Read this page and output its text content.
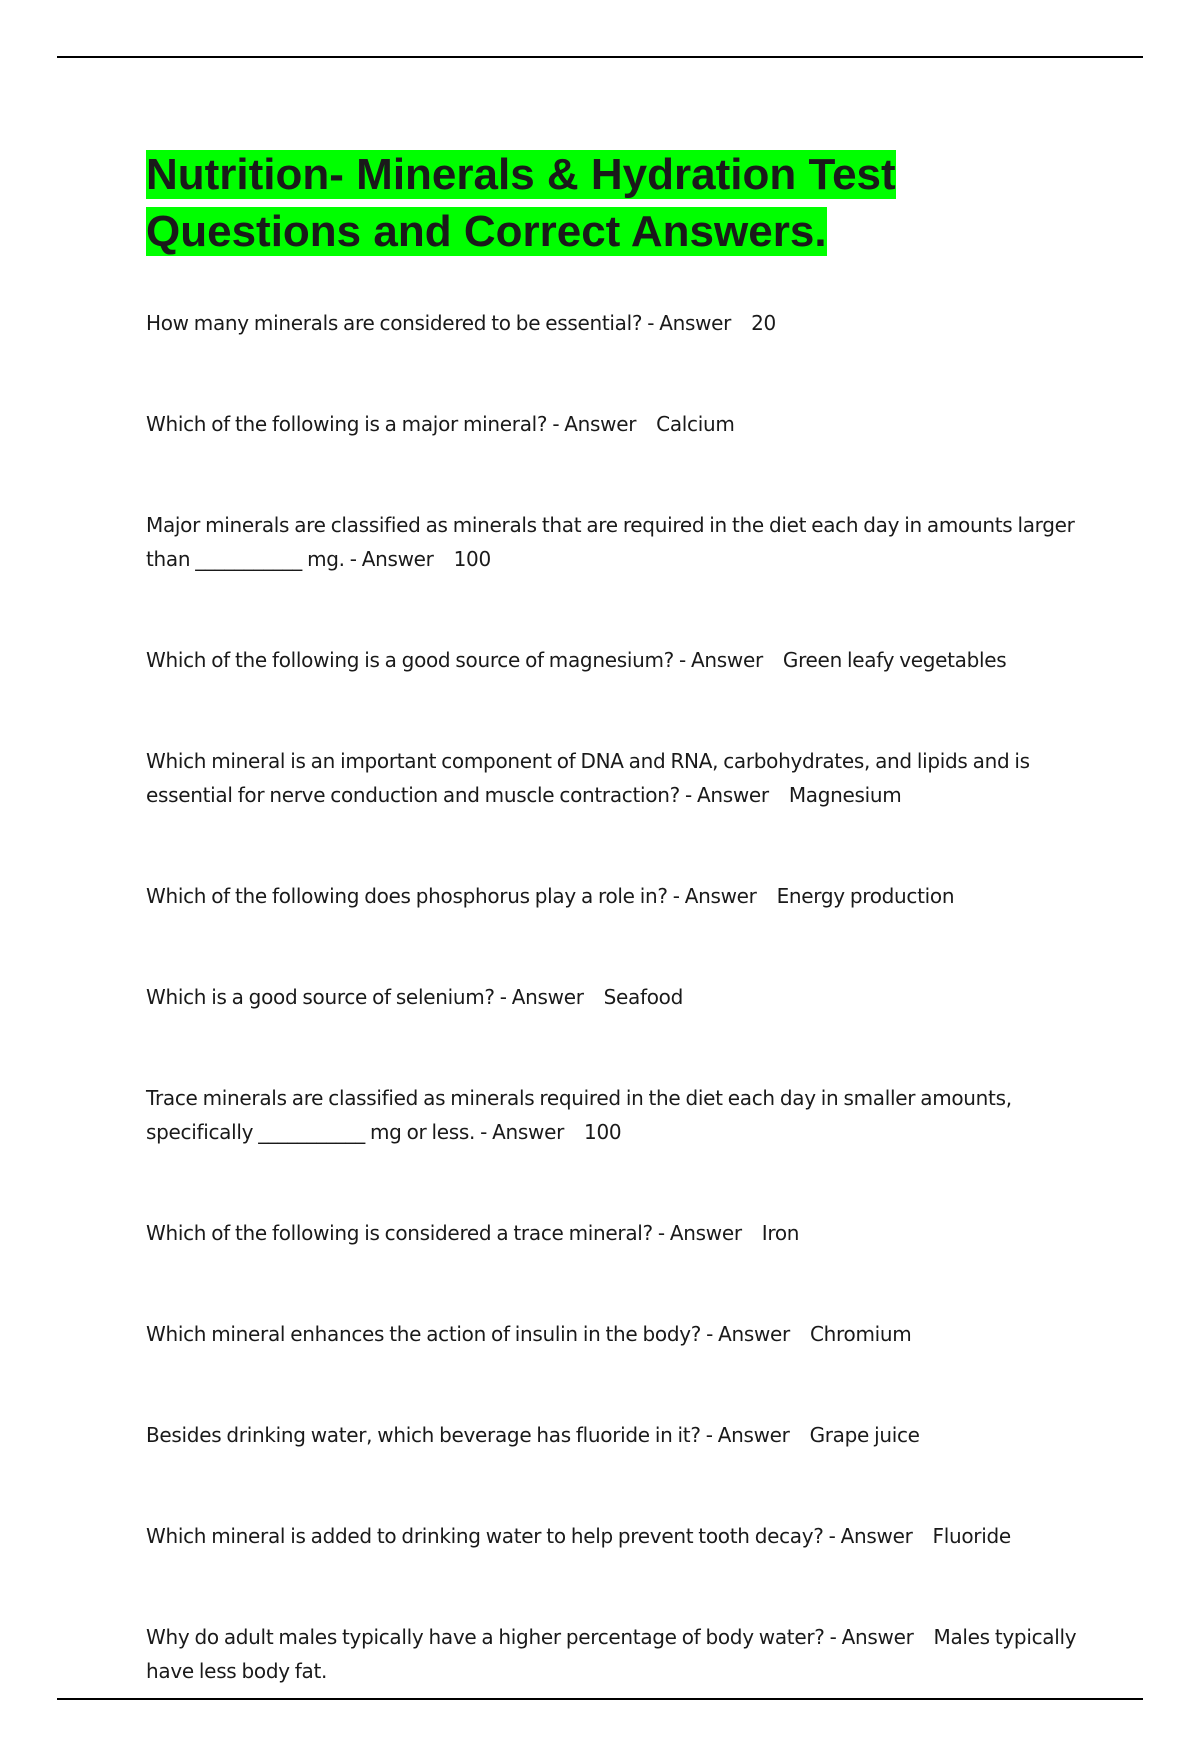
Nutrition- Minerals & Hydration Test Questions and Correct Answers.

How many minerals are considered to be essential? - Answer 20

Which of the following is a major mineral? - Answer Calcium

Major minerals are classified as minerals that are required in the diet each day in amounts larger than ___________ mg. - Answer 100

Which of the following is a good source of magnesium? - Answer Green leafy vegetables

Which mineral is an important component of DNA and RNA, carbohydrates, and lipids and is essential for nerve conduction and muscle contraction? - Answer Magnesium

Which of the following does phosphorus play a role in? - Answer Energy production

Which is a good source of selenium? - Answer Seafood

Trace minerals are classified as minerals required in the diet each day in smaller amounts, specifically ___________ mg or less. - Answer 100

Which of the following is considered a trace mineral? - Answer Iron

Which mineral enhances the action of insulin in the body? - Answer Chromium

Besides drinking water, which beverage has fluoride in it? - Answer Grape juice

Which mineral is added to drinking water to help prevent tooth decay? - Answer Fluoride

Why do adult males typically have a higher percentage of body water? - Answer Males typically have less body fat.
